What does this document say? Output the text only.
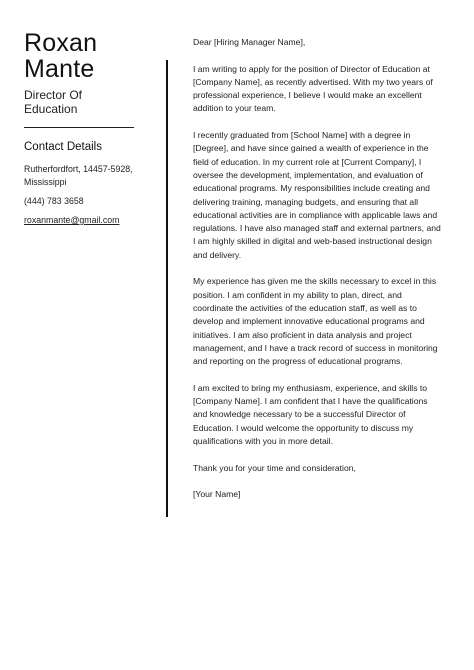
Roxan
Mante
Director Of Education
Contact Details
Rutherfordfort, 14457-5928,
Mississippi
(444) 783 3658
roxanmante@gmail.com

Dear [Hiring Manager Name],

I am writing to apply for the position of Director of Education at [Company Name], as recently advertised. With my two years of professional experience, I believe I would make an excellent addition to your team.

I recently graduated from [School Name] with a degree in [Degree], and have since gained a wealth of experience in the field of education. In my current role at [Current Company], I oversee the development, implementation, and evaluation of educational programs. My responsibilities include creating and delivering training, managing budgets, and ensuring that all educational activities are in compliance with applicable laws and regulations. I have also managed staff and external partners, and I am highly skilled in digital and web-based instructional design and delivery.

My experience has given me the skills necessary to excel in this position. I am confident in my ability to plan, direct, and coordinate the activities of the education staff, as well as to develop and implement innovative educational programs and initiatives. I am also proficient in data analysis and project management, and I have a track record of success in monitoring and reporting on the progress of educational programs.

I am excited to bring my enthusiasm, experience, and skills to [Company Name]. I am confident that I have the qualifications and knowledge necessary to be a successful Director of Education. I would welcome the opportunity to discuss my qualifications with you in more detail.

Thank you for your time and consideration,

[Your Name]
